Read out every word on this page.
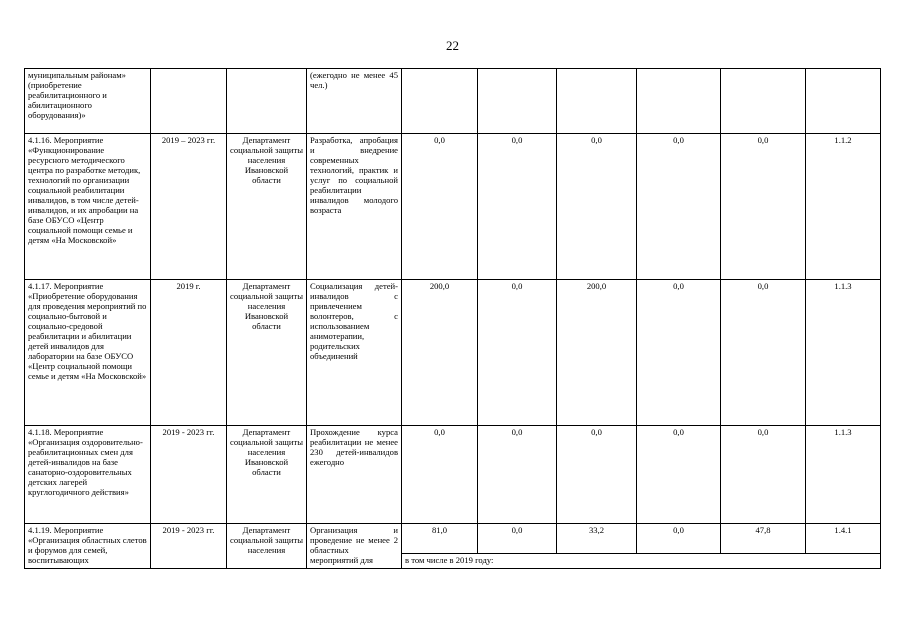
22
муниципальным районам» (приобретение реабилитационного и абилитационного оборудования)»			(ежегодно не менее 45 чел.)						
4.1.16. Мероприятие «Функционирование ресурсного методического центра по разработке методик, технологий по организации социальной реабилитации инвалидов, в том числе детей-инвалидов, и их апробации на базе ОБУСО «Центр социальной помощи семье и детям «На Московской»	2019 – 2023 гг.	Департамент социальной защиты населения Ивановской области	Разработка, апробация и внедрение современных технологий, практик и услуг по социальной реабилитации инвалидов молодого возраста	0,0	0,0	0,0	0,0	0,0	1.1.2
4.1.17. Мероприятие «Приобретение оборудования для проведения мероприятий по социально-бытовой и социально-средовой реабилитации и абилитации детей инвалидов для лаборатории на базе ОБУСО «Центр социальной помощи семье и детям «На Московской»	2019 г.	Департамент социальной защиты населения Ивановской области	Социализация детей-инвалидов с привлечением волонтеров, с использованием анимотерапии, родительских объединений	200,0	0,0	200,0	0,0	0,0	1.1.3
4.1.18. Мероприятие «Организация оздоровительно-реабилитационных смен для детей-инвалидов на базе санаторно-оздоровительных детских лагерей круглогодичного действия»	2019 - 2023 гг.	Департамент социальной защиты населения Ивановской области	Прохождение курса реабилитации не менее 230 детей-инвалидов ежегодно	0,0	0,0	0,0	0,0	0,0	1.1.3
4.1.19. Мероприятие «Организация областных слетов и форумов для семей, воспитывающих	2019 - 2023 гг.	Департамент социальной защиты населения	Организация и проведение не менее 2 областных мероприятий для	81,0	0,0	33,2	0,0	47,8	1.4.1
				в том числе в 2019 году:					
